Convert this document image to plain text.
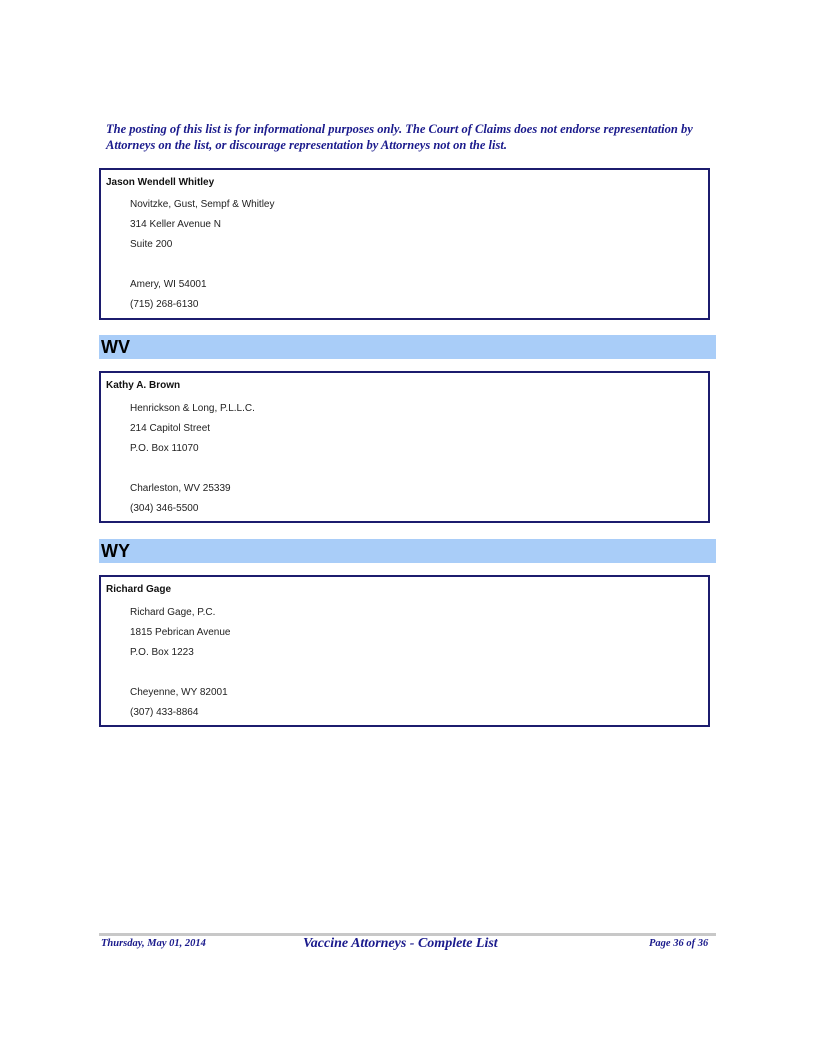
The posting of this list is for informational purposes only. The Court of Claims does not endorse representation by Attorneys on the list, or discourage representation by Attorneys not on the list.
Jason Wendell Whitley
Novitzke, Gust, Sempf & Whitley
314 Keller Avenue N
Suite 200
Amery, WI 54001
(715) 268-6130
WV
Kathy A. Brown
Henrickson & Long, P.L.L.C.
214 Capitol Street
P.O. Box 11070
Charleston, WV 25339
(304) 346-5500
WY
Richard Gage
Richard Gage, P.C.
1815 Pebrican Avenue
P.O. Box 1223
Cheyenne, WY 82001
(307) 433-8864
Thursday, May 01, 2014	Vaccine Attorneys - Complete List	Page 36 of 36
